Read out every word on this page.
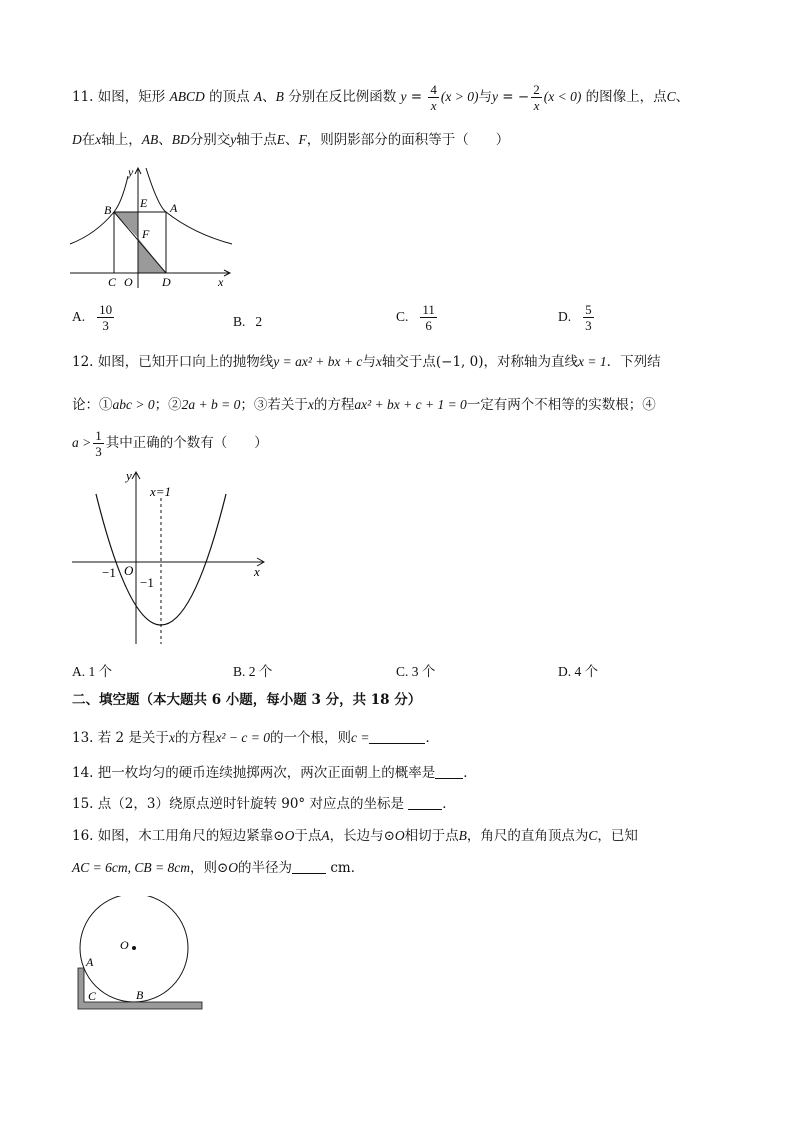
11. 如图，矩形 ABCD 的顶点 A、B 分别在反比例函数 $y = \frac{4}{x} (x > 0)$与y = − $\frac{2}{x} (x < 0)$ 的图像上，点C、
D在x轴上，AB、BD分别交y轴于点E、F，则阴影部分的面积等于（　　）
y
x
B E A
F
C O D
A. $\frac{10}{3}$	B. 2	C. $\frac{11}{6}$	D. $\frac{5}{3}$
12. 如图，已知开口向上的抛物线y = ax² + bx + c与x轴交于点(−1, 0)，对称轴为直线x = 1．下列结
论：①abc > 0；②2a + b = 0；③若关于x的方程ax² + bx + c + 1 = 0一定有两个不相等的实数根；④
$a > \frac{1}{3}$ 其中正确的个数有（　　）
y
x
x=1
−1 O
−1
A. 1 个	B. 2 个	C. 3 个	D. 4 个
二、填空题（本大题共 6 小题，每小题 3 分，共 18 分）
13. 若 2 是关于x的方程x² − c = 0的一个根，则c =	．
14. 把一枚均匀的硬币连续抛掷两次，两次正面朝上的概率是 ．
15. 点（2，3）绕原点逆时针旋转 90° 对应点的坐标是	．
16. 如图，木工用角尺的短边紧靠⊙O于点A，长边与⊙O相切于点B，角尺的直角顶点为C，已知
AC = 6cm, CB = 8cm，则⊙O的半径为	cm．
O
A
C	B
